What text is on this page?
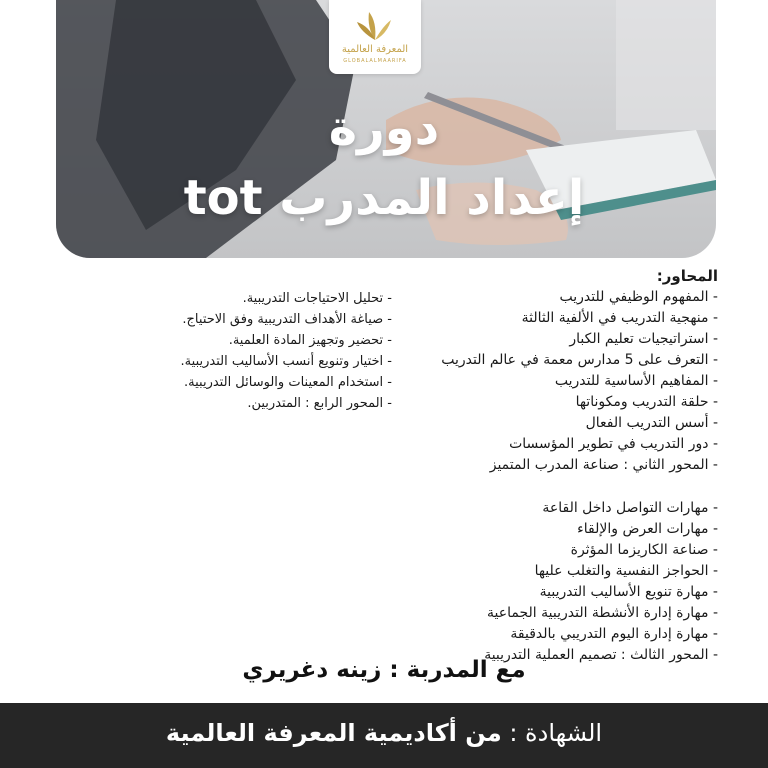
المعرفة العالمية
GLOBALALMAARIFA
دورة
إعداد المدرب tot
المحاور:
- المفهوم الوظيفي للتدريب
- منهجية التدريب في الألفية الثالثة
- استراتيجيات تعليم الكبار
- التعرف على 5 مدارس معمة في عالم التدريب
- المفاهيم الأساسية للتدريب
- حلقة التدريب ومكوناتها
- أسس التدريب الفعال
- دور التدريب في تطوير المؤسسات
- المحور الثاني : صناعة المدرب المتميز
- مهارات التواصل داخل القاعة
- مهارات العرض والإلقاء
- صناعة الكاريزما المؤثرة
- الحواجز النفسية والتغلب عليها
- مهارة تنويع الأساليب التدريبية
- مهارة إدارة الأنشطة التدريبية الجماعية
- مهارة إدارة اليوم التدريبي بالدقيقة
- المحور الثالث : تصميم العملية التدريبية
- تحليل الاحتياجات التدريبية.
- صياغة الأهداف التدريبية وفق الاحتياج.
- تحضير وتجهيز المادة العلمية.
- اختيار وتنويع أنسب الأساليب التدريبية.
- استخدام المعينات والوسائل التدريبية.
- المحور الرابع : المتدربين.
مع المدربة : زينه دغريري
الشهادة : من أكاديمية المعرفة العالمية
